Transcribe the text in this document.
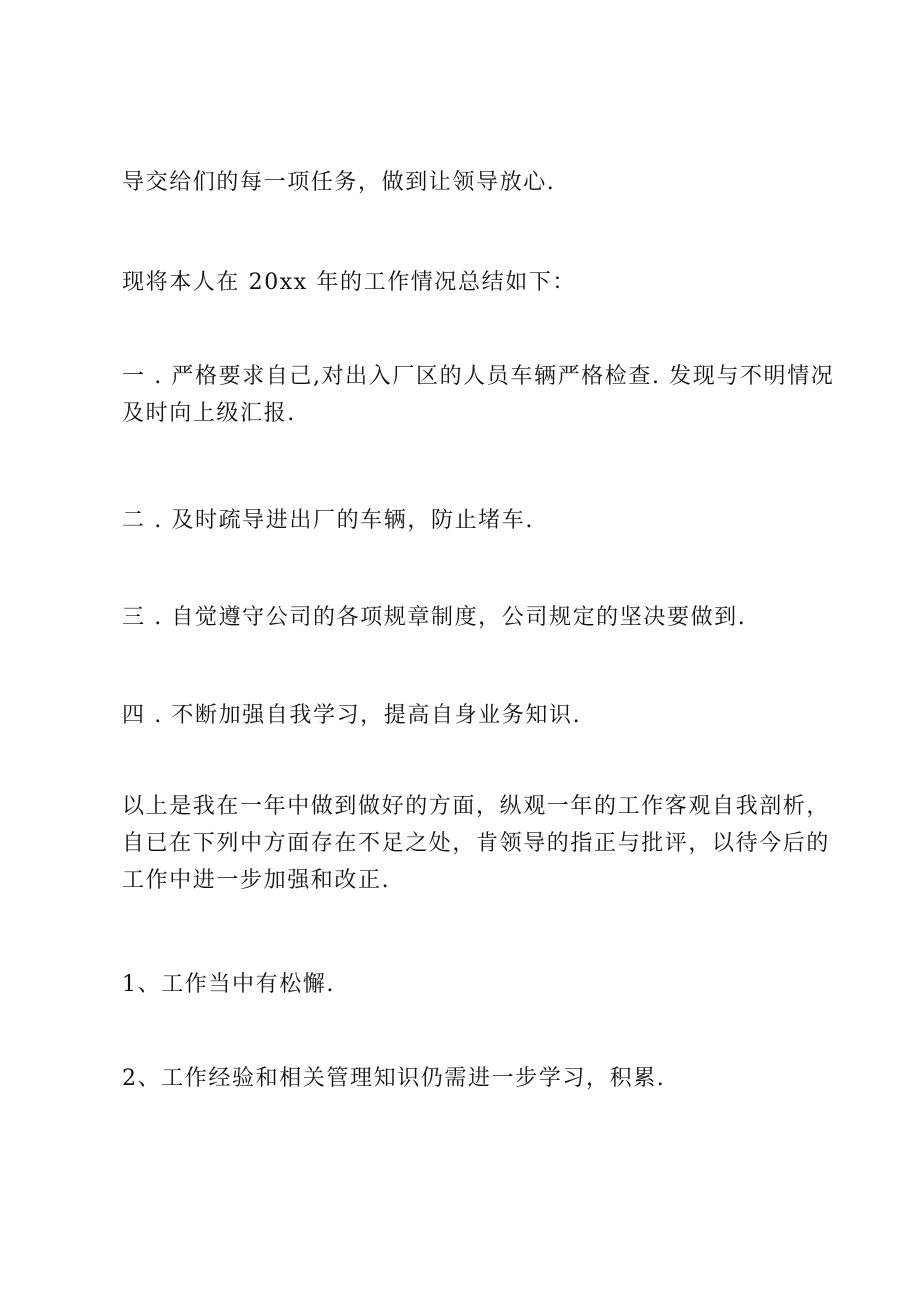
导交给们的每一项任务，做到让领导放心.

现将本人在 20xx 年的工作情况总结如下：

一 . 严格要求自己,对出入厂区的人员车辆严格检查. 发现与不明情况
及时向上级汇报.

二 . 及时疏导进出厂的车辆，防止堵车.

三 . 自觉遵守公司的各项规章制度，公司规定的坚决要做到.

四 . 不断加强自我学习，提高自身业务知识.

以上是我在一年中做到做好的方面，纵观一年的工作客观自我剖析，
自已在下列中方面存在不足之处，肯领导的指正与批评，以待今后的
工作中进一步加强和改正.

1、工作当中有松懈.

2、工作经验和相关管理知识仍需进一步学习，积累.
